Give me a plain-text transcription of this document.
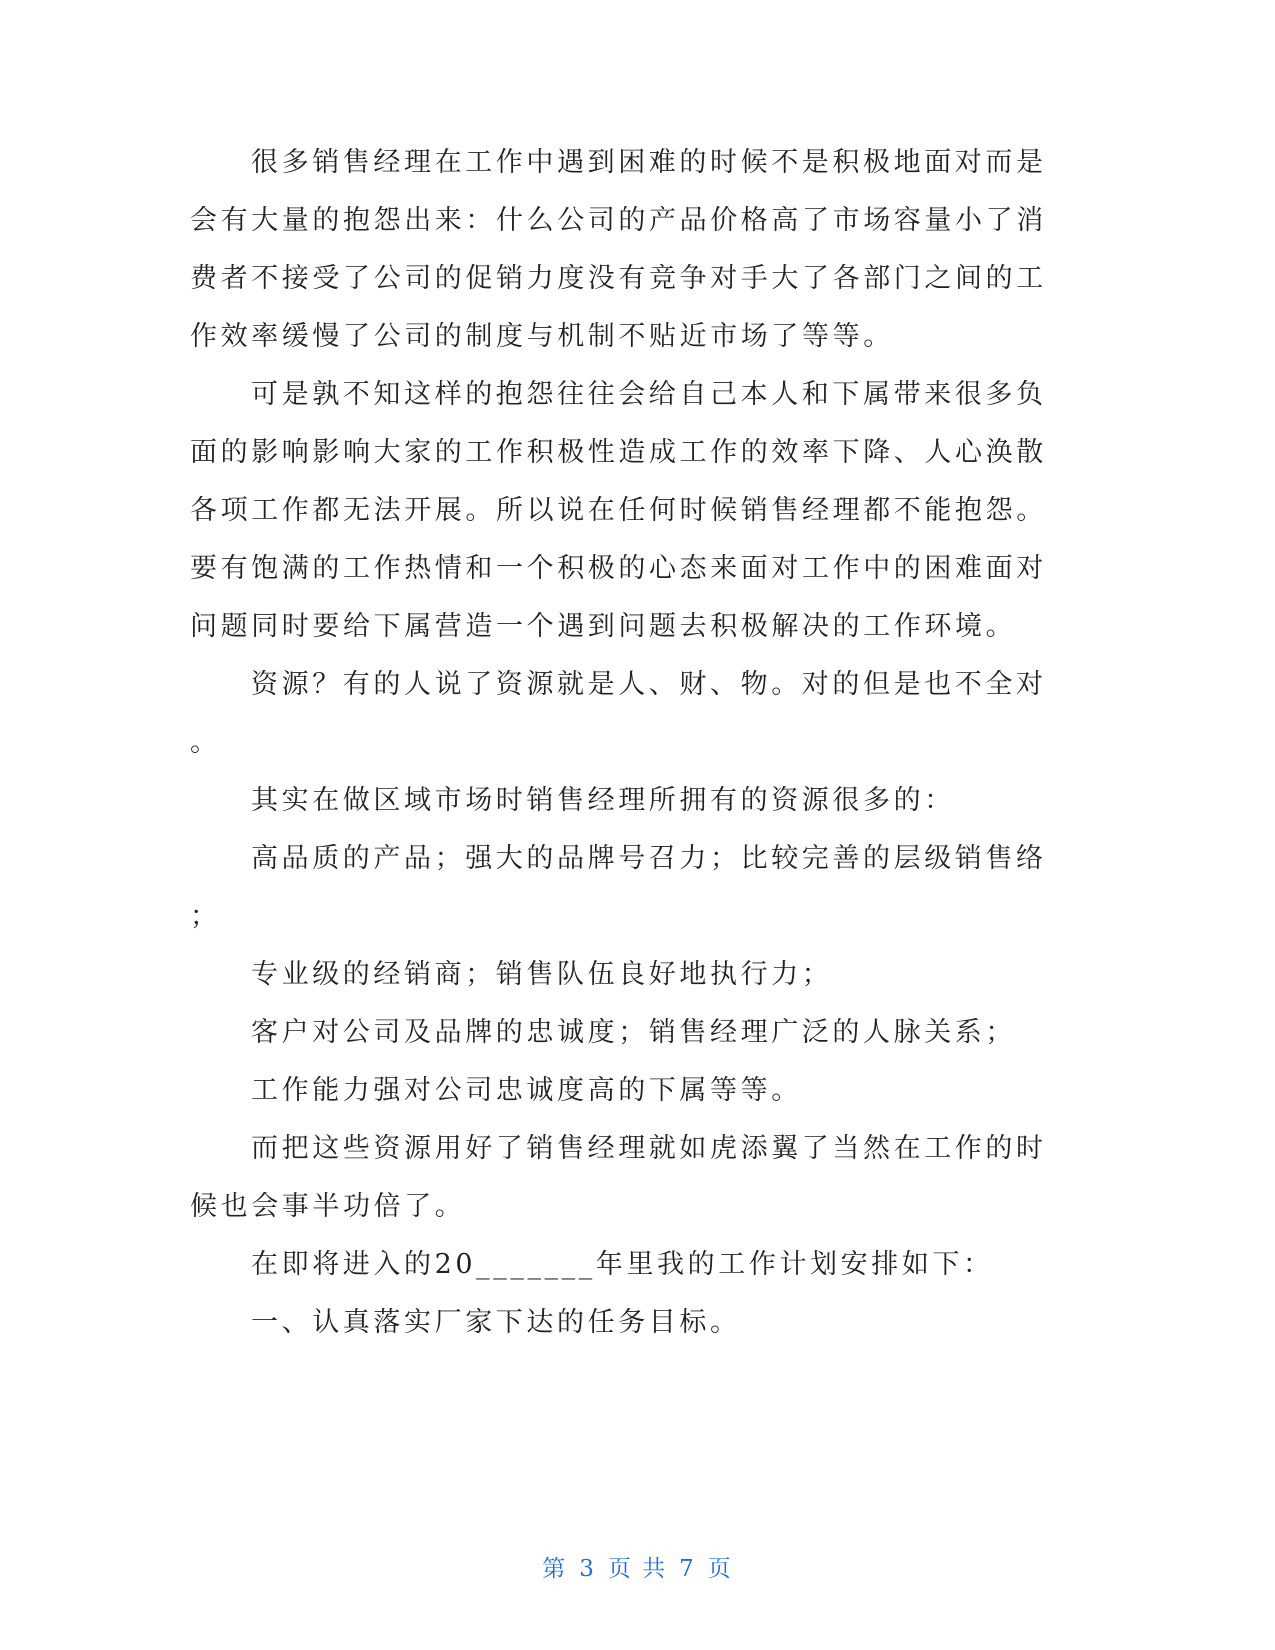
很多销售经理在工作中遇到困难的时候不是积极地面对而是
会有大量的抱怨出来：什么公司的产品价格高了市场容量小了消
费者不接受了公司的促销力度没有竞争对手大了各部门之间的工
作效率缓慢了公司的制度与机制不贴近市场了等等。
可是孰不知这样的抱怨往往会给自己本人和下属带来很多负
面的影响影响大家的工作积极性造成工作的效率下降、人心涣散
各项工作都无法开展。所以说在任何时候销售经理都不能抱怨。
要有饱满的工作热情和一个积极的心态来面对工作中的困难面对
问题同时要给下属营造一个遇到问题去积极解决的工作环境。
资源？有的人说了资源就是人、财、物。对的但是也不全对
。
其实在做区域市场时销售经理所拥有的资源很多的：
高品质的产品；强大的品牌号召力；比较完善的层级销售络
；
专业级的经销商；销售队伍良好地执行力；
客户对公司及品牌的忠诚度；销售经理广泛的人脉关系；
工作能力强对公司忠诚度高的下属等等。
而把这些资源用好了销售经理就如虎添翼了当然在工作的时
候也会事半功倍了。
在即将进入的20_______年里我的工作计划安排如下：
一、认真落实厂家下达的任务目标。
第 3 页 共 7 页
